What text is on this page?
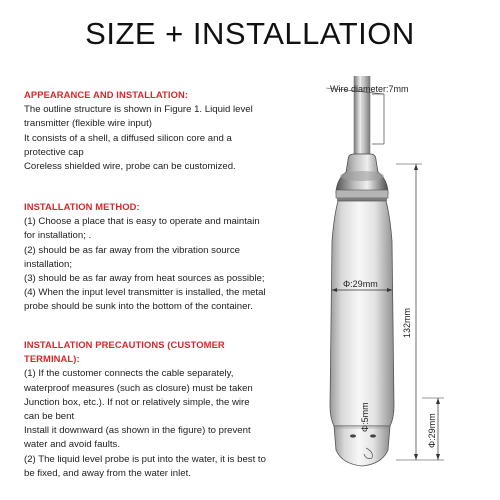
SIZE + INSTALLATION
APPEARANCE AND INSTALLATION:
The outline structure is shown in Figure 1. Liquid level
transmitter (flexible wire input)
It consists of a shell, a diffused silicon core and a
protective cap
Coreless shielded wire, probe can be customized.
INSTALLATION METHOD:
(1) Choose a place that is easy to operate and maintain
for installation; .
(2) should be as far away from the vibration source
installation;
(3) should be as far away from heat sources as possible;
(4) When the input level transmitter is installed, the metal
probe should be sunk into the bottom of the container.
INSTALLATION PRECAUTIONS (CUSTOMER TERMINAL):
(1) If the customer connects the cable separately,
waterproof measures (such as closure) must be taken
Junction box, etc.). If not or relatively simple, the wire
can be bent
Install it downward (as shown in the figure) to prevent
water and avoid faults.
(2) The liquid level probe is put into the water, it is best to
be fixed, and away from the water inlet.
Wire diameter:7mm
Φ:29mm
Φ:5mm
132mm
Φ:29mm
